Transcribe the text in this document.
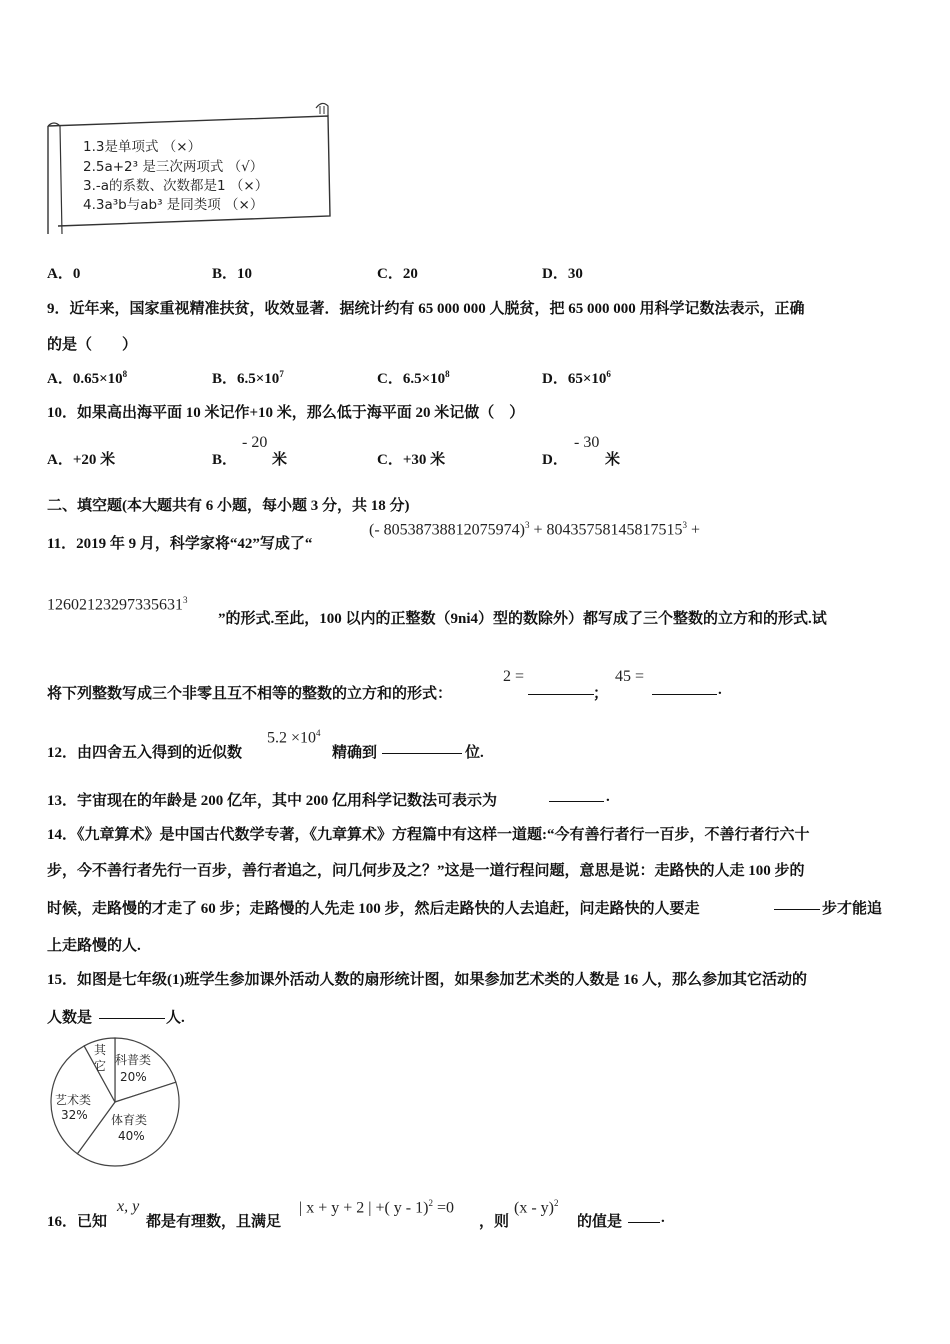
1.3是单项式 （×）
2.5a+2³ 是三次两项式 （√）
3.-a的系数、次数都是1 （×）
4.3a³b与ab³ 是同类项 （×）
A．0	B．10	C．20	D．30
9．近年来，国家重视精准扶贫，收效显著．据统计约有 65 000 000 人脱贫，把 65 000 000 用科学记数法表示，正确
的是（　　）
A．$0.65\times 10^8$	B．$6.5\times 10^7$	C．$6.5\times 10^8$	D．$65\times 10^6$
10．如果高出海平面 10 米记作+10 米，那么低于海平面 20 米记做（　）
A．+20 米	B．
- 20
米	C．+30 米	D．
- 30
米
二、填空题(本大题共有 6 小题，每小题 3 分，共 18 分)
11．2019 年 9 月，科学家将“42”写成了“
(- $80538738812075974)^3 + 80435758145817515^3$ +
$12602123297335631^3$
”的形式.至此，100 以内的正整数（9ni4）型的数除外）都写成了三个整数的立方和的形式.试
将下列整数写成三个非零且互不相等的整数的立方和的形式：
2 =
；
45 =
.
12．由四舍五入得到的近似数
$5.2 \times 10^4$
精确到	位.
13．宇宙现在的年龄是 200 亿年，其中 200 亿用科学记数法可表示为	.
14．《九章算术》是中国古代数学专著，《九章算术》方程篇中有这样一道题:“今有善行者行一百步，不善行者行六十
步，今不善行者先行一百步，善行者追之，问几何步及之？”这是一道行程问题，意思是说：走路快的人走 100 步的
时候，走路慢的才走了 60 步；走路慢的人先走 100 步，然后走路快的人去追赶，问走路快的人要走	步才能追
上走路慢的人.
15．如图是七年级(1)班学生参加课外活动人数的扇形统计图，如果参加艺术类的人数是 16 人，那么参加其它活动的
人数是	人.
其
它 科普类
20%
艺术类
32% 体育类
40%
16．已知
x, y
都是有理数，且满足
| x + y + 2 | +( y - 1)$^2$ =0
，则
(x - y)$^2$
的值是	.
